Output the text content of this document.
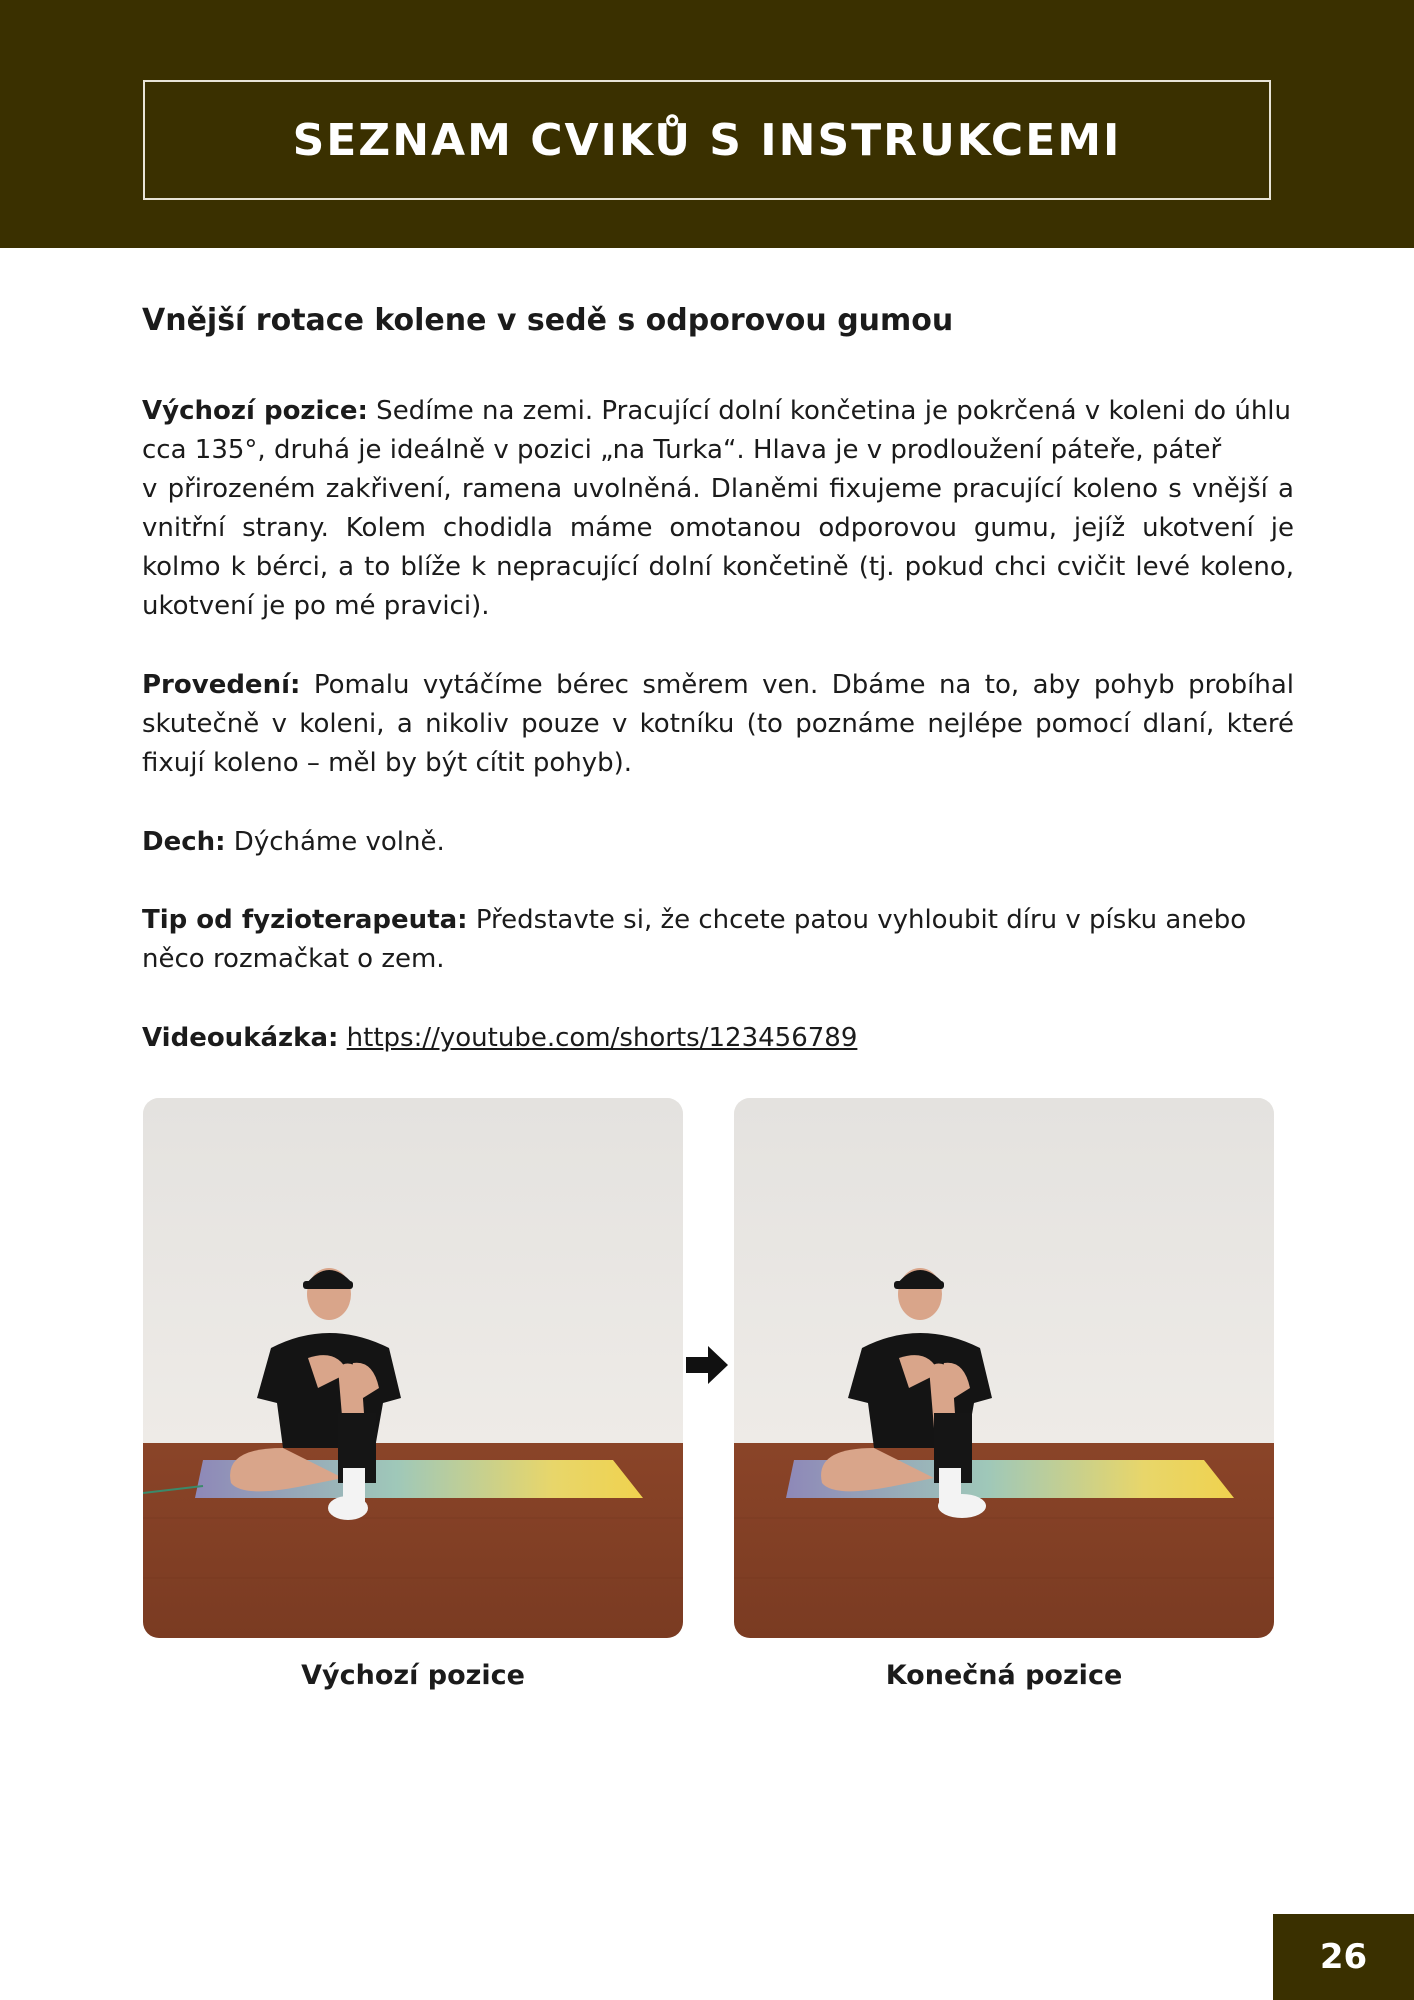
SEZNAM CVIKŮ S INSTRUKCEMI
Vnější rotace kolene v sedě s odporovou gumou

Výchozí pozice: Sedíme na zemi. Pracující dolní končetina je pokrčená v koleni do úhlu
cca 135°, druhá je ideálně v pozici „na Turka“. Hlava je v prodloužení páteře, páteř
v přirozeném zakřivení, ramena uvolněná. Dlaněmi fixujeme pracující koleno s vnější a vnitřní strany. Kolem chodidla máme omotanou odporovou gumu, jejíž ukotvení je kolmo k bérci, a to blíže k nepracující dolní končetině (tj. pokud chci cvičit levé koleno, ukotvení je po mé pravici).

Provedení: Pomalu vytáčíme bérec směrem ven. Dbáme na to, aby pohyb probíhal skutečně v koleni, a nikoliv pouze v kotníku (to poznáme nejlépe pomocí dlaní, které fixují koleno – měl by být cítit pohyb).

Dech: Dýcháme volně.

Tip od fyzioterapeuta: Představte si, že chcete patou vyhloubit díru v písku anebo něco rozmačkat o zem.

Videoukázka: https://youtube.com/shorts/123456789

Výchozí pozice	Konečná pozice
26
